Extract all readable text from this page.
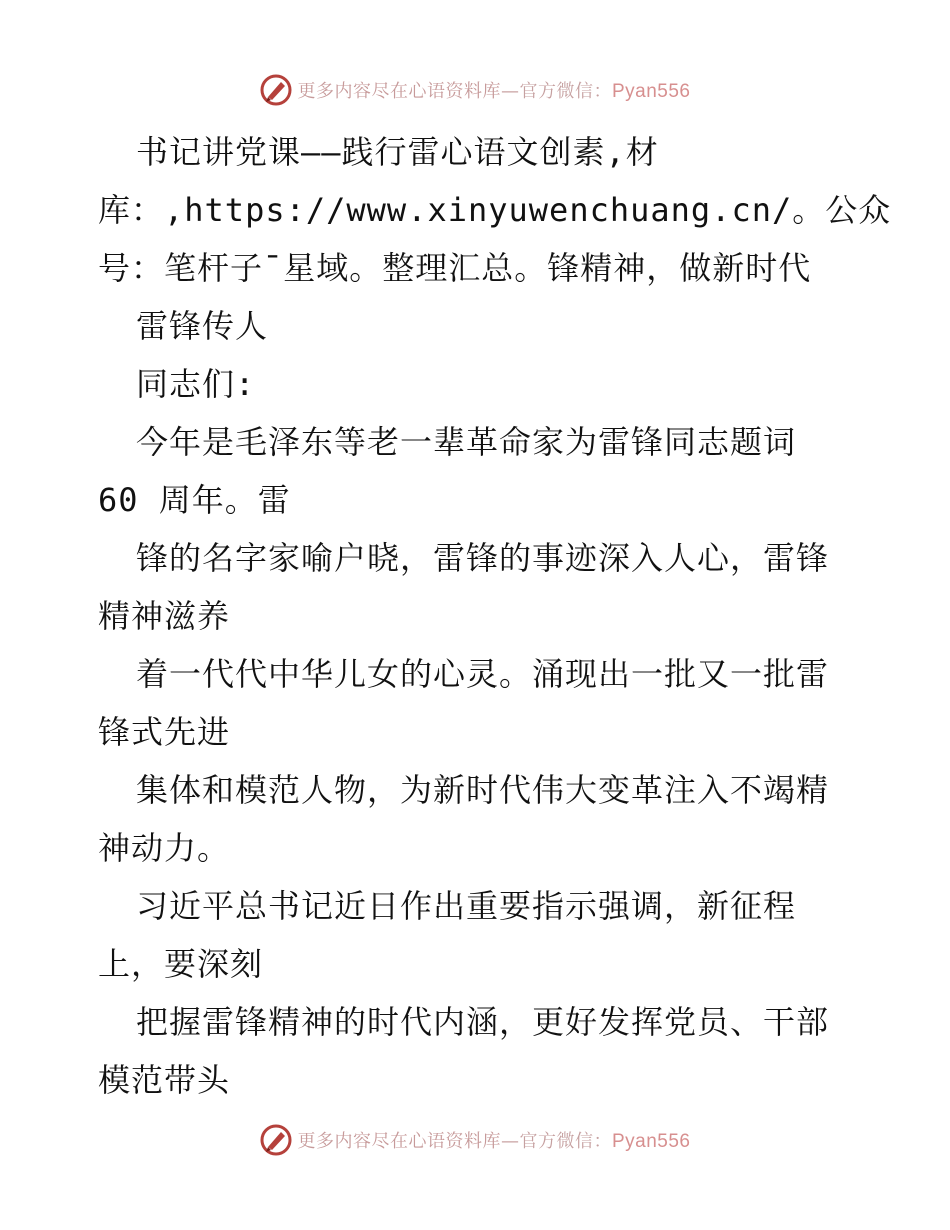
更多内容尽在心语资料库—官方微信：Pyan556
书记讲党课——践行雷心语文创素,材
库：,https://www.xinyuwenchuang.cn/。公众
号：笔杆子¯星域。整理汇总。锋精神，做新时代
雷锋传人
同志们:
今年是毛泽东等老一辈革命家为雷锋同志题词
60 周年。雷
锋的名字家喻户晓，雷锋的事迹深入人心，雷锋
精神滋养
着一代代中华儿女的心灵。涌现出一批又一批雷
锋式先进
集体和模范人物，为新时代伟大变革注入不竭精
神动力。
习近平总书记近日作出重要指示强调，新征程
上，要深刻
把握雷锋精神的时代内涵，更好发挥党员、干部
模范带头
更多内容尽在心语资料库—官方微信：Pyan556
